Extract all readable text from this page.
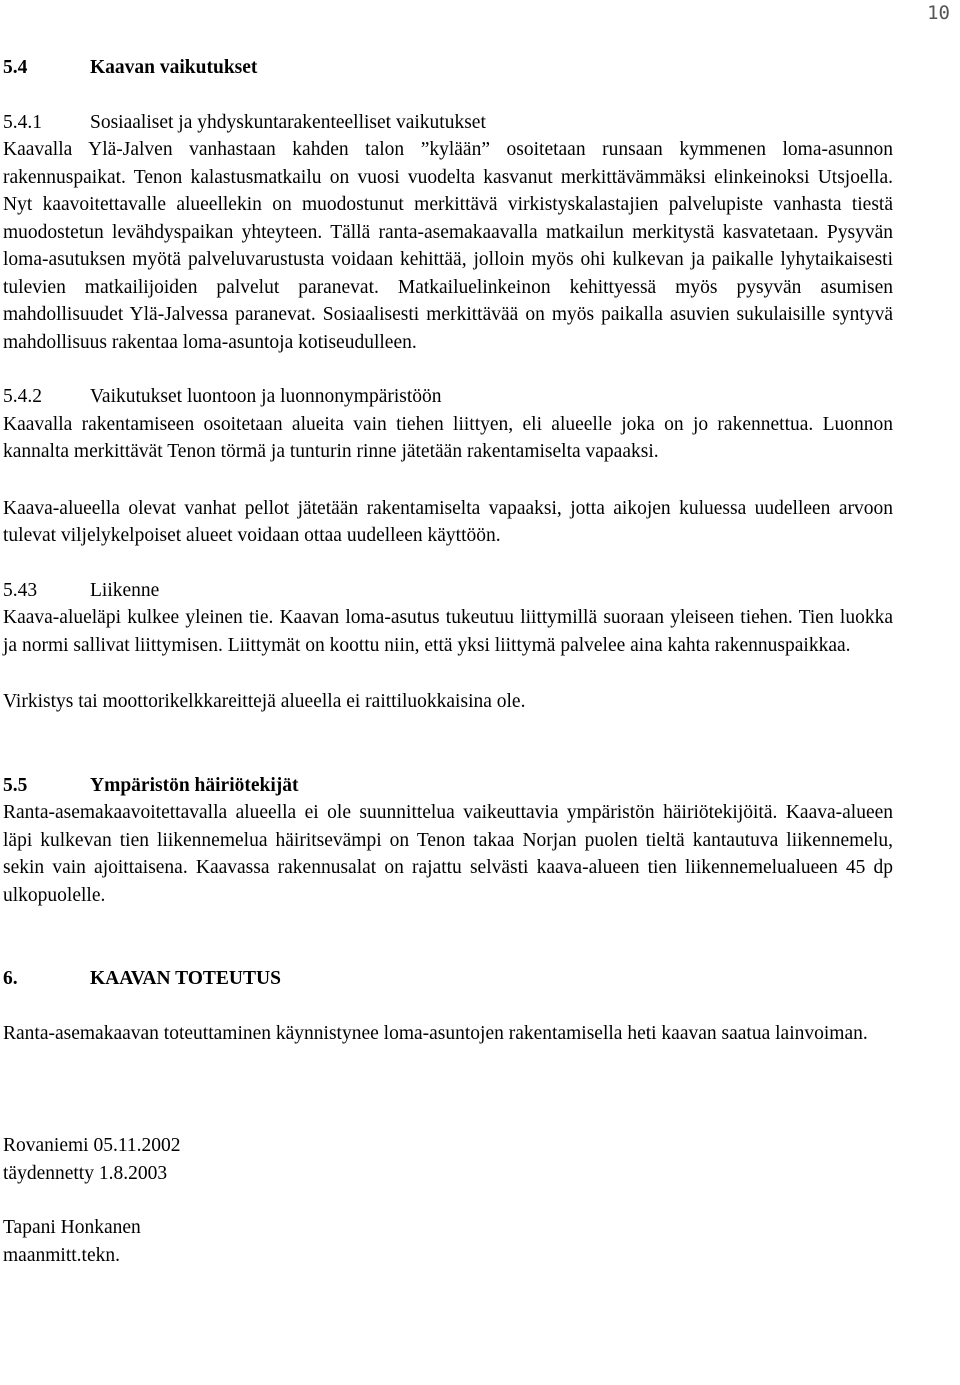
10
5.4	Kaavan vaikutukset
5.4.1	Sosiaaliset ja yhdyskuntarakenteelliset vaikutukset

Kaavalla Ylä-Jalven vanhastaan kahden talon ”kylään” osoitetaan runsaan kymmenen loma-asunnon rakennuspaikat. Tenon kalastusmatkailu on vuosi vuodelta kasvanut merkittävämmäksi elinkeinoksi Utsjoella. Nyt kaavoitettavalle alueellekin on muodostunut merkittävä virkistyskalastajien palvelupiste vanhasta tiestä muodostetun levähdyspaikan yhteyteen. Tällä ranta-asemakaavalla matkailun merkitystä kasvatetaan. Pysyvän loma-asutuksen myötä palveluvarustusta voidaan kehittää, jolloin myös ohi kulkevan ja paikalle lyhytaikaisesti tulevien matkailijoiden palvelut paranevat. Matkailuelinkeinon kehittyessä myös pysyvän asumisen mahdollisuudet Ylä-Jalvessa paranevat. Sosiaalisesti merkittävää on myös paikalla asuvien sukulaisille syntyvä mahdollisuus rakentaa loma-asuntoja kotiseudulleen.

5.4.2	Vaikutukset luontoon ja luonnonympäristöön

Kaavalla rakentamiseen osoitetaan alueita vain tiehen liittyen, eli alueelle joka on jo rakennettua. Luonnon kannalta merkittävät Tenon törmä ja tunturin rinne jätetään rakentamiselta vapaaksi.

Kaava-alueella olevat vanhat pellot jätetään rakentamiselta vapaaksi, jotta aikojen kuluessa uudelleen arvoon tulevat viljelykelpoiset alueet voidaan ottaa uudelleen käyttöön.

5.43	Liikenne

Kaava-alueläpi kulkee yleinen tie. Kaavan loma-asutus tukeutuu liittymillä suoraan yleiseen tiehen. Tien luokka ja normi sallivat liittymisen. Liittymät on koottu niin, että yksi liittymä palvelee aina kahta rakennuspaikkaa.

Virkistys tai moottorikelkkareittejä alueella ei raittiluokkaisina ole.

5.5	Ympäristön häiriötekijät

Ranta-asemakaavoitettavalla alueella ei ole suunnittelua vaikeuttavia ympäristön häiriötekijöitä. Kaava-alueen läpi kulkevan tien liikennemelua häiritsevämpi on Tenon takaa Norjan puolen tieltä kantautuva liikennemelu, sekin vain ajoittaisena. Kaavassa rakennusalat on rajattu selvästi kaava-alueen tien liikennemelualueen 45 dp ulkopuolelle.

6.	KAAVAN TOTEUTUS

Ranta-asemakaavan toteuttaminen käynnistynee loma-asuntojen rakentamisella heti kaavan saatua lainvoiman.

Rovaniemi 05.11.2002

täydennetty 1.8.2003

Tapani Honkanen

maanmitt.tekn.
